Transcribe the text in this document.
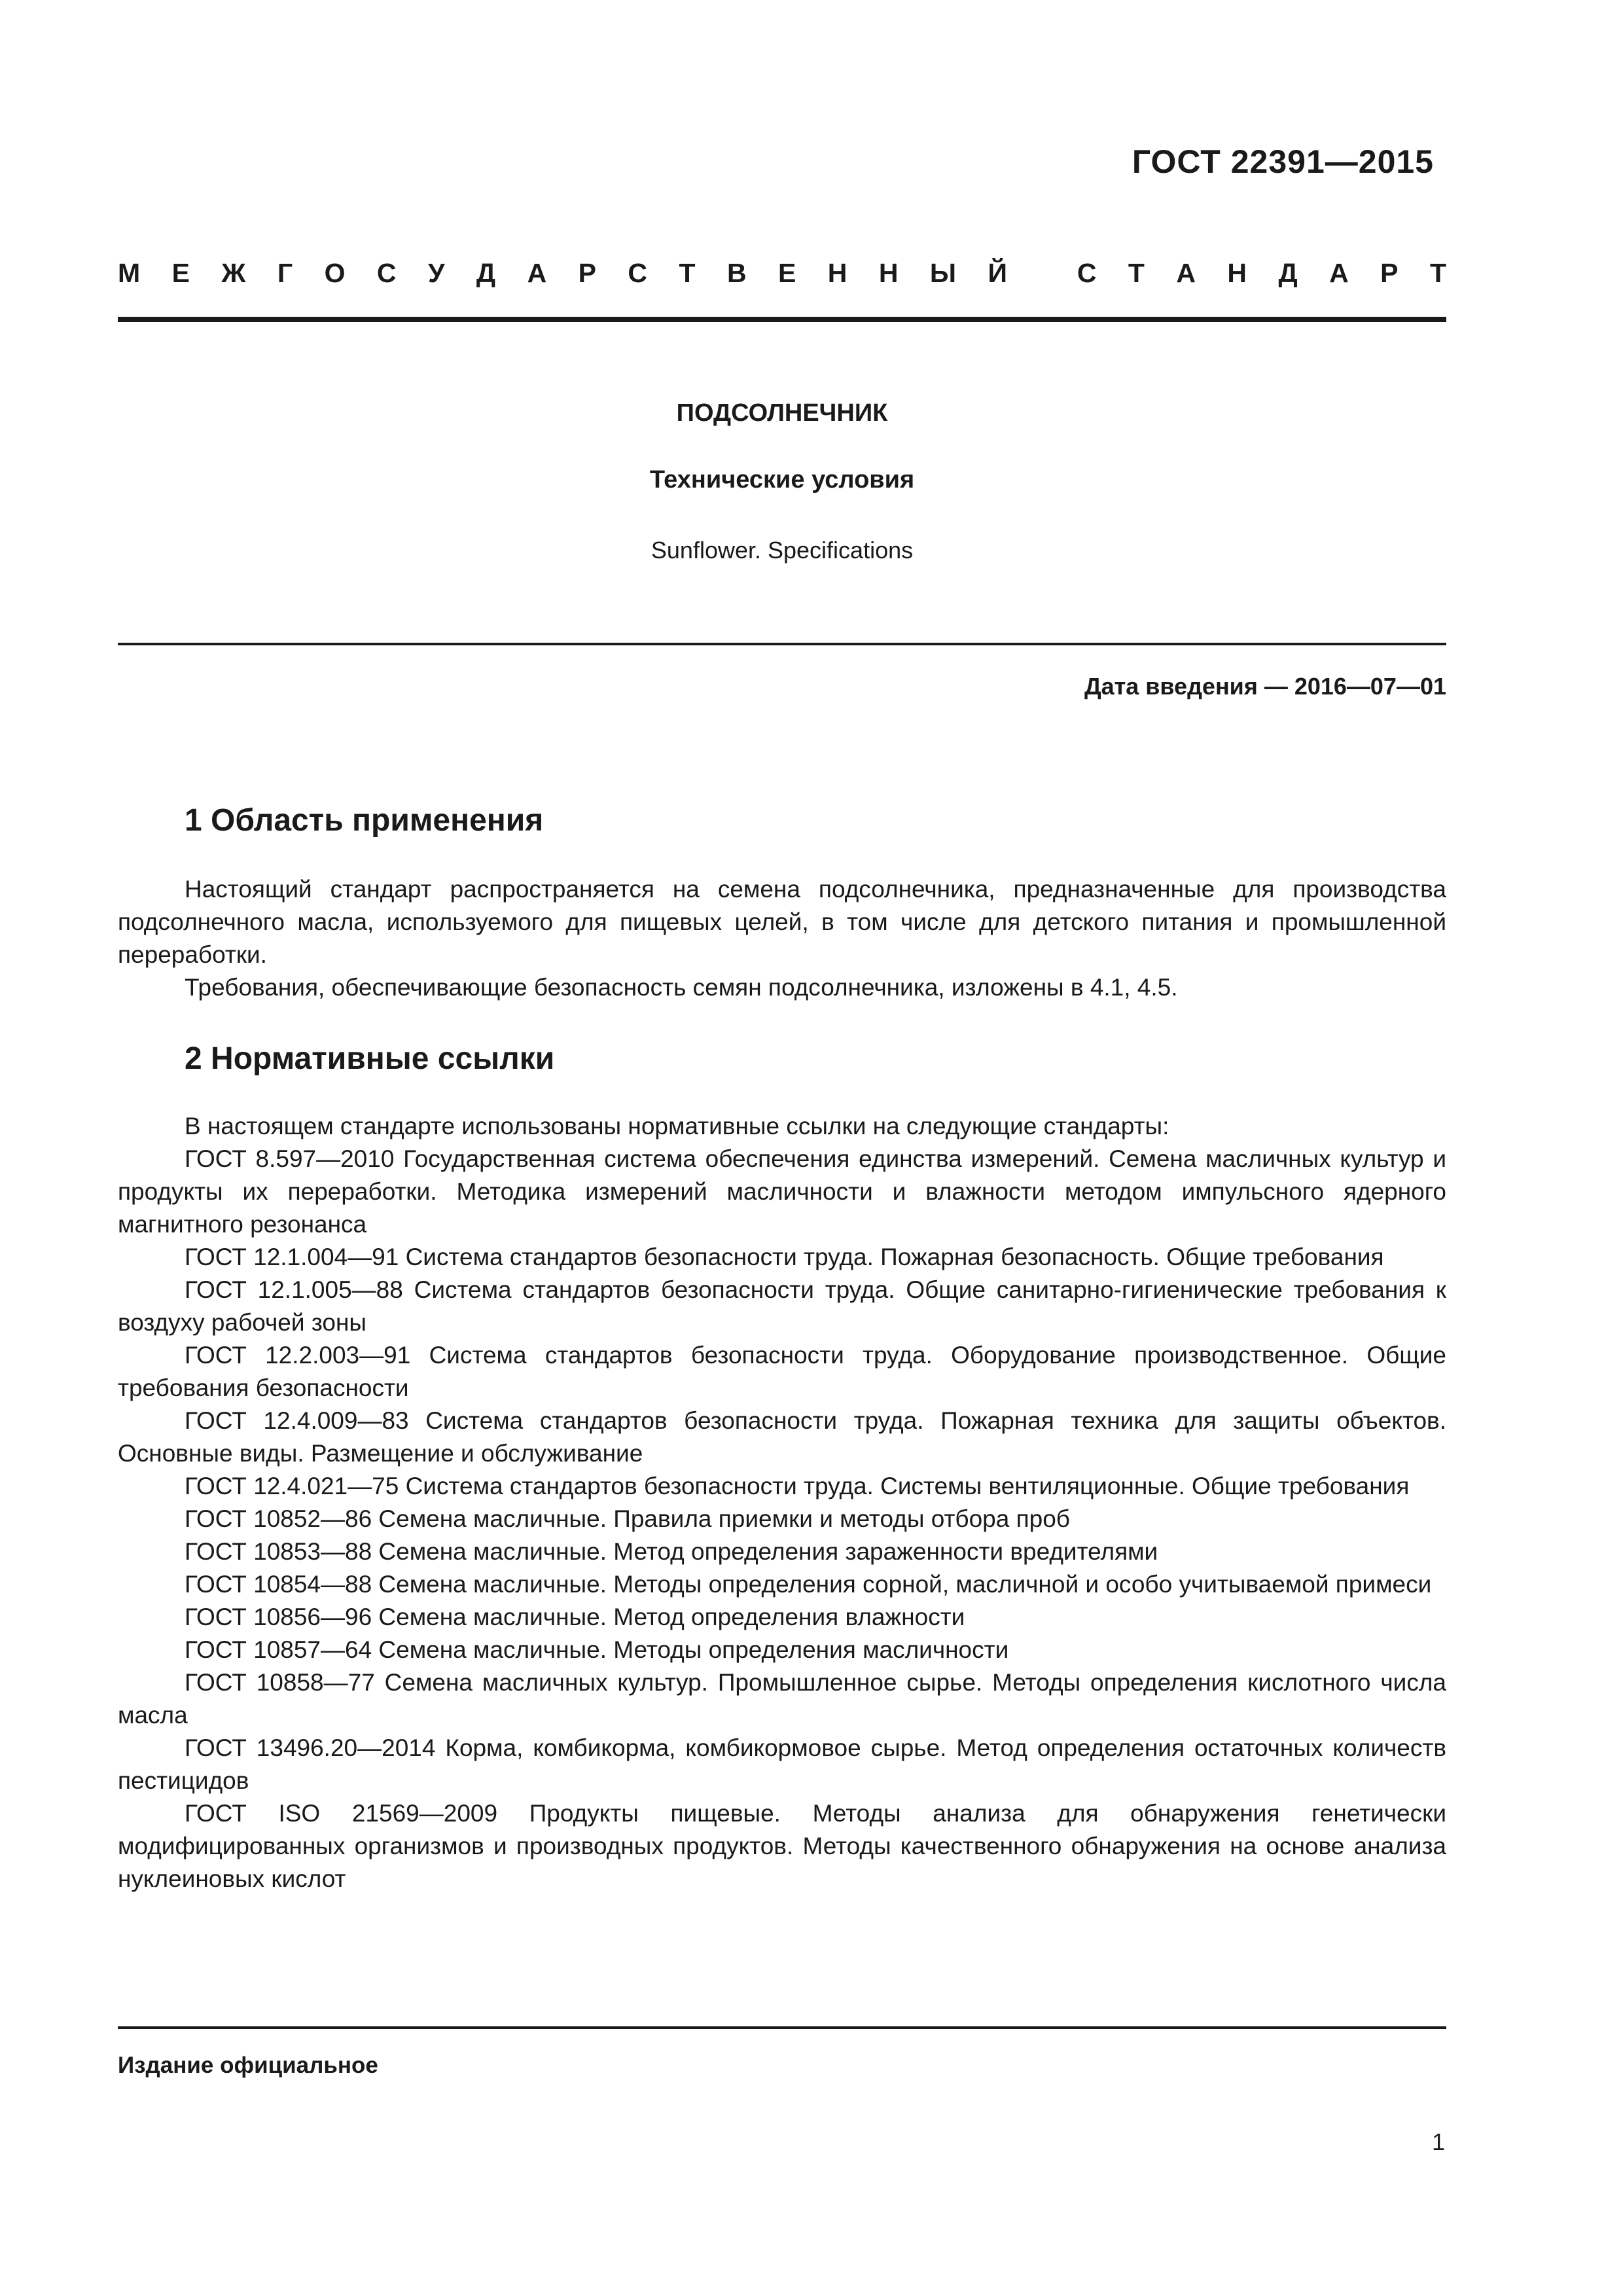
ГОСТ 22391—2015
М Е Ж Г О С У Д А Р С Т В Е Н Н Ы Й	С Т А Н Д А Р Т
ПОДСОЛНЕЧНИК
Технические условия
Sunflower. Specifications
Дата введения — 2016—07—01
1 Область применения

Настоящий стандарт распространяется на семена подсолнечника, предназначенные для производства подсолнечного масла, используемого для пищевых целей, в том числе для детского питания и промышленной переработки.

Требования, обеспечивающие безопасность семян подсолнечника, изложены в 4.1, 4.5.

2 Нормативные ссылки

В настоящем стандарте использованы нормативные ссылки на следующие стандарты:

ГОСТ 8.597—2010 Государственная система обеспечения единства измерений. Семена масличных культур и продукты их переработки. Методика измерений масличности и влажности методом импульсного ядерного магнитного резонанса

ГОСТ 12.1.004—91 Система стандартов безопасности труда. Пожарная безопасность. Общие требования

ГОСТ 12.1.005—88 Система стандартов безопасности труда. Общие санитарно-гигиенические требования к воздуху рабочей зоны

ГОСТ 12.2.003—91 Система стандартов безопасности труда. Оборудование производственное. Общие требования безопасности

ГОСТ 12.4.009—83 Система стандартов безопасности труда. Пожарная техника для защиты объектов. Основные виды. Размещение и обслуживание

ГОСТ 12.4.021—75 Система стандартов безопасности труда. Системы вентиляционные. Общие требования

ГОСТ 10852—86 Семена масличные. Правила приемки и методы отбора проб

ГОСТ 10853—88 Семена масличные. Метод определения зараженности вредителями

ГОСТ 10854—88 Семена масличные. Методы определения сорной, масличной и особо учитываемой примеси

ГОСТ 10856—96 Семена масличные. Метод определения влажности

ГОСТ 10857—64 Семена масличные. Методы определения масличности

ГОСТ 10858—77 Семена масличных культур. Промышленное сырье. Методы определения кислотного числа масла

ГОСТ 13496.20—2014 Корма, комбикорма, комбикормовое сырье. Метод определения остаточных количеств пестицидов

ГОСТ ISO 21569—2009 Продукты пищевые. Методы анализа для обнаружения генетически модифицированных организмов и производных продуктов. Методы качественного обнаружения на основе анализа нуклеиновых кислот

Издание официальное
1
